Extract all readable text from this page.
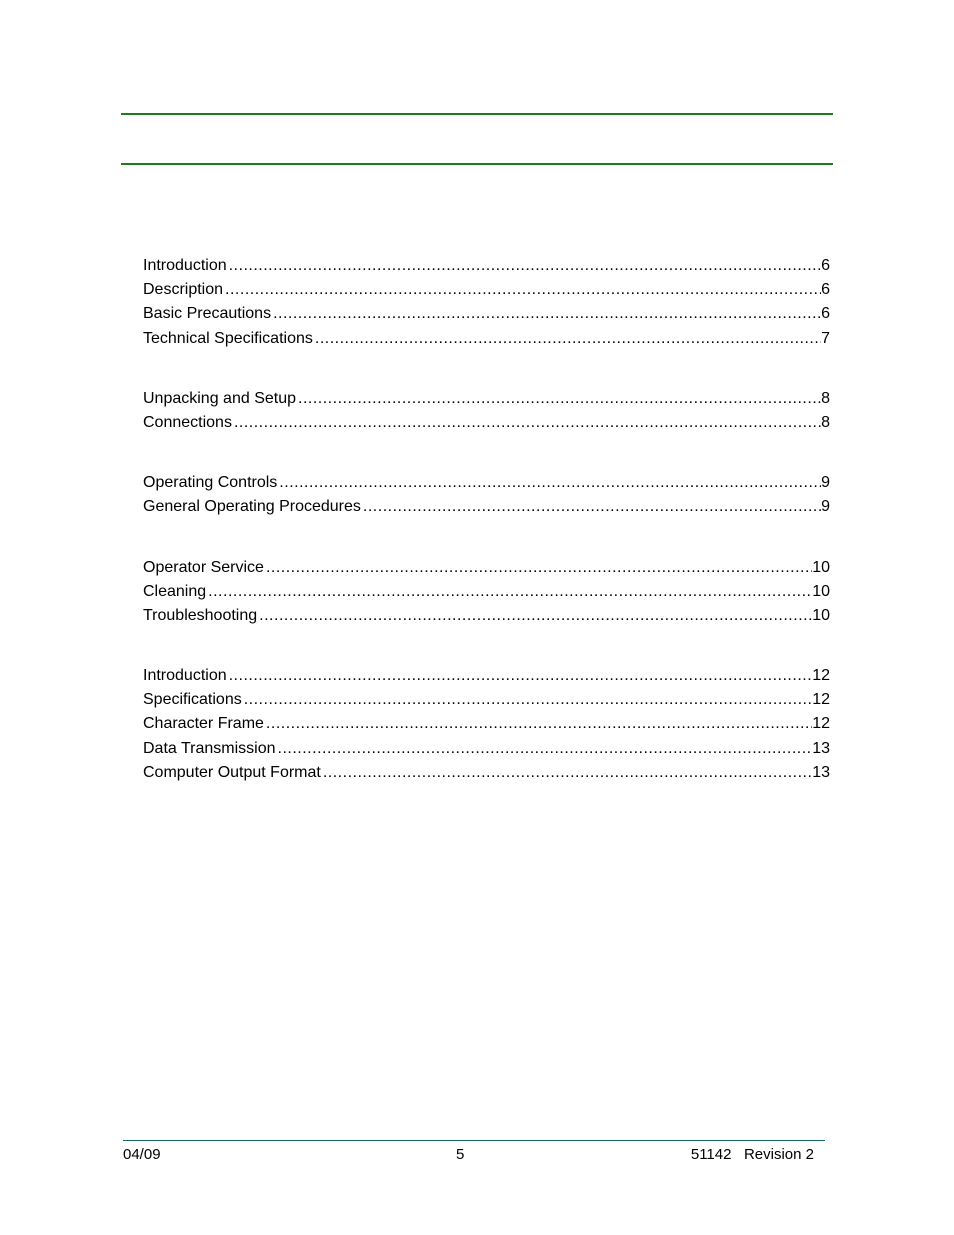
Introduction .....	6
Description .....	6
Basic Precautions .....	6
Technical Specifications .....	7
Unpacking and Setup .....	8
Connections .....	8
Operating Controls .....	9
General Operating Procedures .....	9
Operator Service .....	10
Cleaning .....	10
Troubleshooting .....	10
Introduction .....	12
Specifications .....	12
Character Frame .....	12
Data Transmission .....	13
Computer Output Format .....	13
04/09	5	51142   Revision 2
